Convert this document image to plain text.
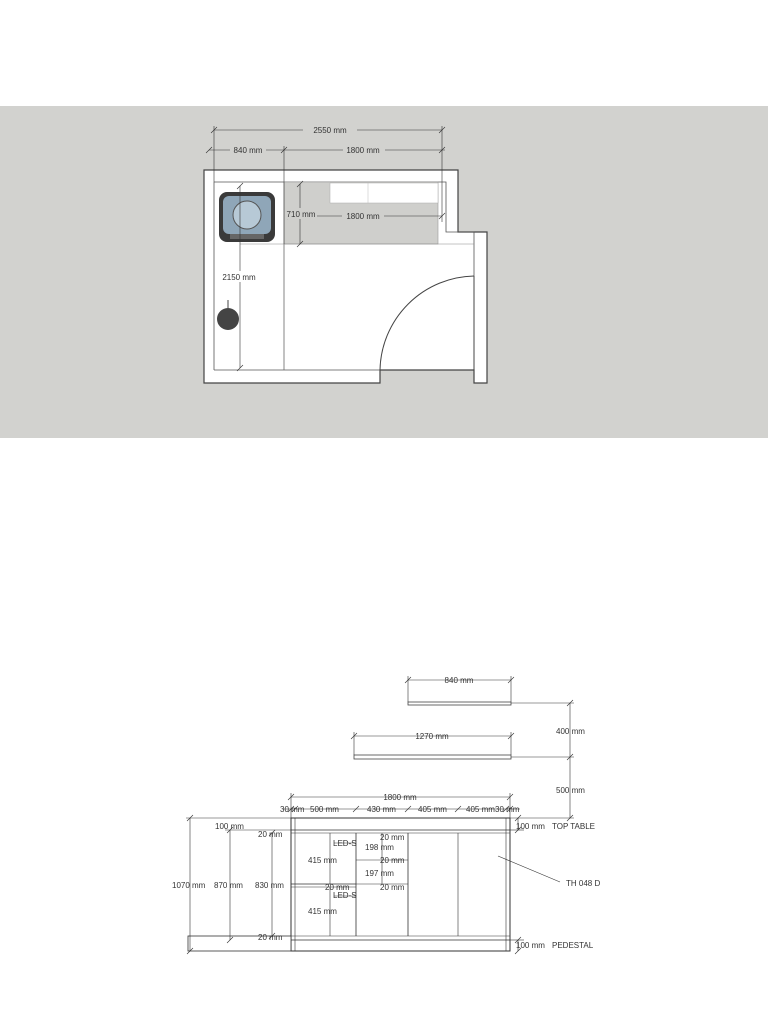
2550 mm
840 mm	1800 mm
710 mm	1800 mm
2150 mm
840 mm
1270 mm
400 mm
500 mm
1800 mm
30 mm 500 mm	430 mm	405 mm 405 mm 30 mm
100 mm	100 mm TOP TABLE
20 mm
LED-S
20 mm
198 mm
20 mm
415 mm
197 mm
20 mm	20 mm
LED-S
20 mm
415 mm
1070 mm 870 mm 830 mm	TH 048 D
100 mm PEDESTAL
